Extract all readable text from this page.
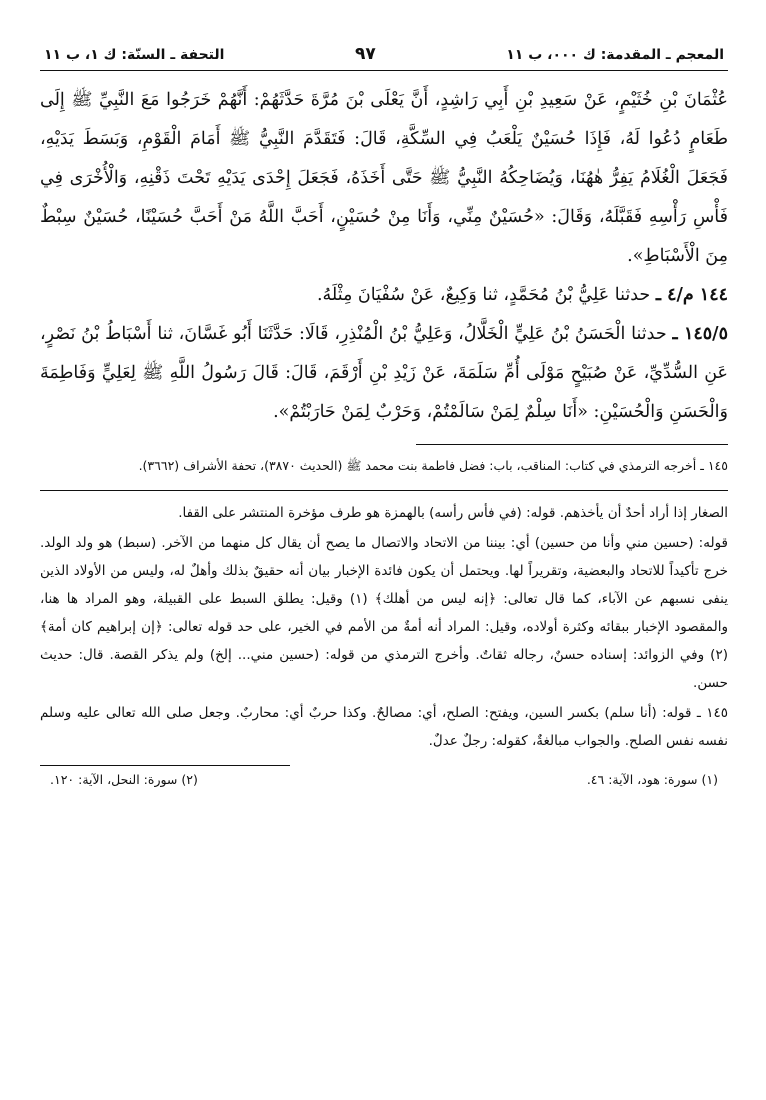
المعجم ـ المقدمة: ك ٠٠٠، ب ١١
٩٧
التحفة ـ السنّة: ك ١، ب ١١

عُثْمَانَ بْنِ خُثَيْمٍ، عَنْ سَعِيدِ بْنِ أَبِي رَاشِدٍ، أَنَّ يَعْلَى بْنَ مُرَّةَ حَدَّثَهُمْ: أَنَّهُمْ خَرَجُوا مَعَ النَّبِيِّ ﷺ إِلَى طَعَامٍ دُعُوا لَهُ، فَإِذَا حُسَيْنٌ يَلْعَبُ فِي السِّكَّةِ، قَالَ: فَتَقَدَّمَ النَّبِيُّ ﷺ أَمَامَ الْقَوْمِ، وَبَسَطَ يَدَيْهِ، فَجَعَلَ الْغُلَامُ يَفِرُّ هٰهُنَا، وَيُضَاحِكُهُ النَّبِيُّ ﷺ حَتَّى أَخَذَهُ، فَجَعَلَ إِحْدَى يَدَيْهِ تَحْتَ ذَقْنِهِ، وَالْأُخْرَى فِي فَأْسِ رَأْسِهِ فَقَبَّلَهُ، وَقَالَ: «حُسَيْنٌ مِنِّي، وَأَنَا مِنْ حُسَيْنٍ، أَحَبَّ اللَّهُ مَنْ أَحَبَّ حُسَيْنًا، حُسَيْنٌ سِبْطٌ مِنَ الْأَسْبَاطِ».

١٤٤ م/٤ ـ حدثنا عَلِيُّ بْنُ مُحَمَّدٍ، ثنا وَكِيعٌ، عَنْ سُفْيَانَ مِثْلَهُ.

١٤٥/٥ ـ حدثنا الْحَسَنُ بْنُ عَلِيٍّ الْخَلَّالُ، وَعَلِيُّ بْنُ الْمُنْذِرِ، قَالَا: حَدَّثَنَا أَبُو غَسَّانَ، ثنا أَسْبَاطُ بْنُ نَصْرٍ، عَنِ السُّدِّيِّ، عَنْ صُبَيْحٍ مَوْلَى أُمِّ سَلَمَةَ، عَنْ زَيْدِ بْنِ أَرْقَمَ، قَالَ: قَالَ رَسُولُ اللَّهِ ﷺ لِعَلِيٍّ وَفَاطِمَةَ وَالْحَسَنِ وَالْحُسَيْنِ: «أَنَا سِلْمٌ لِمَنْ سَالَمْتُمْ، وَحَرْبٌ لِمَنْ حَارَبْتُمْ».

١٤٥ ـ أخرجه الترمذي في كتاب: المناقب، باب: فضل فاطمة بنت محمد ﷺ (الحديث ٣٨٧٠)، تحفة الأشراف (٣٦٦٢).

الصغار إذا أراد أحدٌ أن يأخذهم. قوله: (في فأس رأسه) بالهمزة هو طرف مؤخرة المنتشر على القفا.

قوله: (حسين مني وأنا من حسين) أي: بيننا من الاتحاد والاتصال ما يصح أن يقال كل منهما من الآخر. (سبط) هو ولد الولد. خرج تأكيداً للاتحاد والبعضية، وتقريراً لها. ويحتمل أن يكون فائدة الإخبار بيان أنه حقيقٌ بذلك وأهلٌ له، وليس من الأولاد الذين ينفى نسبهم عن الآباء، كما قال تعالى: ﴿إنه ليس من أهلك﴾ (١) وقيل: يطلق السبط على القبيلة، وهو المراد ها هنا، والمقصود الإخبار ببقائه وكثرة أولاده، وقيل: المراد أنه أمةٌ من الأمم في الخير، على حد قوله تعالى: ﴿إن إبراهيم كان أمة﴾ (٢) وفي الزوائد: إسناده حسنٌ، رجاله ثقاتٌ. وأخرج الترمذي من قوله: (حسين مني... إلخ) ولم يذكر القصة. قال: حديث حسن.

١٤٥ ـ قوله: (أنا سلم) بكسر السين، ويفتح: الصلح، أي: مصالحٌ. وكذا حربٌ أي: محاربٌ. وجعل صلى الله تعالى عليه وسلم نفسه نفس الصلح. والجواب مبالغةٌ، كقوله: رجلٌ عدلٌ.

(١) سورة: هود، الآية: ٤٦.
(٢) سورة: النحل، الآية: ١٢٠.
